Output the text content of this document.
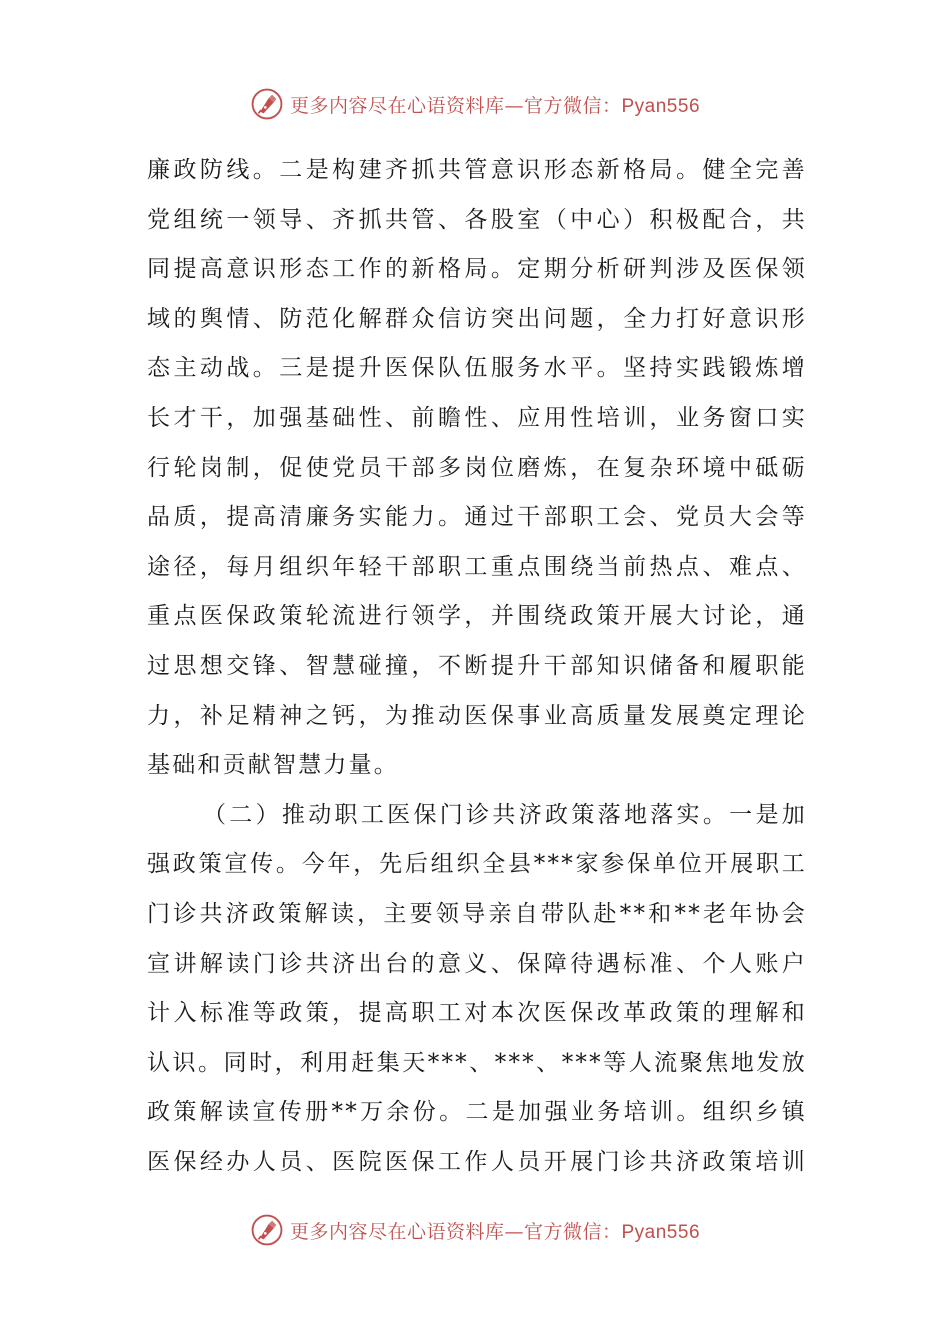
更多内容尽在心语资料库—官方微信：Pyan556
廉政防线。二是构建齐抓共管意识形态新格局。健全完善
党组统一领导、齐抓共管、各股室（中心）积极配合，共
同提高意识形态工作的新格局。定期分析研判涉及医保领
域的舆情、防范化解群众信访突出问题，全力打好意识形
态主动战。三是提升医保队伍服务水平。坚持实践锻炼增
长才干，加强基础性、前瞻性、应用性培训，业务窗口实
行轮岗制，促使党员干部多岗位磨炼，在复杂环境中砥砺
品质，提高清廉务实能力。通过干部职工会、党员大会等
途径，每月组织年轻干部职工重点围绕当前热点、难点、
重点医保政策轮流进行领学，并围绕政策开展大讨论，通
过思想交锋、智慧碰撞，不断提升干部知识储备和履职能
力，补足精神之钙，为推动医保事业高质量发展奠定理论
基础和贡献智慧力量。
（二）推动职工医保门诊共济政策落地落实。一是加
强政策宣传。今年，先后组织全县***家参保单位开展职工
门诊共济政策解读，主要领导亲自带队赴**和**老年协会
宣讲解读门诊共济出台的意义、保障待遇标准、个人账户
计入标准等政策，提高职工对本次医保改革政策的理解和
认识。同时，利用赶集天***、***、***等人流聚焦地发放
政策解读宣传册**万余份。二是加强业务培训。组织乡镇
医保经办人员、医院医保工作人员开展门诊共济政策培训
更多内容尽在心语资料库—官方微信：Pyan556
